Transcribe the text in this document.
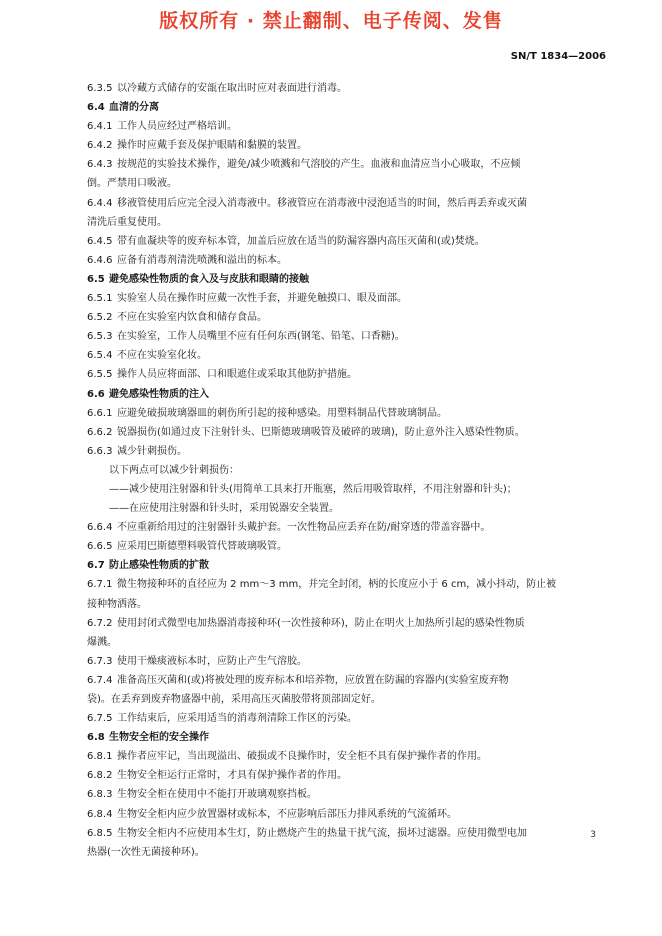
版权所有 · 禁止翻制、电子传阅、发售
SN/T 1834—2006
6.3.5 以冷藏方式储存的安瓿在取出时应对表面进行消毒。
6.4 血清的分离
6.4.1 工作人员应经过严格培训。
6.4.2 操作时应戴手套及保护眼睛和黏膜的装置。
6.4.3 按规范的实验技术操作，避免/减少喷溅和气溶胶的产生。血液和血清应当小心吸取，不应倾
倒。严禁用口吸液。
6.4.4 移液管使用后应完全浸入消毒液中。移液管应在消毒液中浸泡适当的时间，然后再丢弃或灭菌
清洗后重复使用。
6.4.5 带有血凝块等的废弃标本管，加盖后应放在适当的防漏容器内高压灭菌和(或)焚烧。
6.4.6 应备有消毒剂清洗喷溅和溢出的标本。
6.5 避免感染性物质的食入及与皮肤和眼睛的接触
6.5.1 实验室人员在操作时应戴一次性手套，并避免触摸口、眼及面部。
6.5.2 不应在实验室内饮食和储存食品。
6.5.3 在实验室，工作人员嘴里不应有任何东西(钢笔、铅笔、口香糖)。
6.5.4 不应在实验室化妆。
6.5.5 操作人员应将面部、口和眼遮住或采取其他防护措施。
6.6 避免感染性物质的注入
6.6.1 应避免破损玻璃器皿的刺伤所引起的接种感染。用塑料制品代替玻璃制品。
6.6.2 锐器损伤(如通过皮下注射针头、巴斯德玻璃吸管及破碎的玻璃)，防止意外注入感染性物质。
6.6.3 减少针刺损伤。
以下两点可以减少针刺损伤：
——减少使用注射器和针头(用简单工具来打开瓶塞，然后用吸管取样，不用注射器和针头)；
——在应使用注射器和针头时，采用锐器安全装置。
6.6.4 不应重新给用过的注射器针头戴护套。一次性物品应丢弃在防/耐穿透的带盖容器中。
6.6.5 应采用巴斯德塑料吸管代替玻璃吸管。
6.7 防止感染性物质的扩散
6.7.1 微生物接种环的直径应为 2 mm～3 mm，并完全封闭，柄的长度应小于 6 cm，减小抖动，防止被
接种物洒落。
6.7.2 使用封闭式微型电加热器消毒接种环(一次性接种环)，防止在明火上加热所引起的感染性物质
爆溅。
6.7.3 使用干燥痰液标本时，应防止产生气溶胶。
6.7.4 准备高压灭菌和(或)将被处理的废弃标本和培养物，应放置在防漏的容器内(实验室废弃物
袋)。在丢弃到废弃物盛器中前，采用高压灭菌胶带将顶部固定好。
6.7.5 工作结束后，应采用适当的消毒剂清除工作区的污染。
6.8 生物安全柜的安全操作
6.8.1 操作者应牢记，当出现溢出、破损或不良操作时，安全柜不具有保护操作者的作用。
6.8.2 生物安全柜运行正常时，才具有保护操作者的作用。
6.8.3 生物安全柜在使用中不能打开玻璃观察挡板。
6.8.4 生物安全柜内应少放置器材或标本，不应影响后部压力排风系统的气流循环。
6.8.5 生物安全柜内不应使用本生灯，防止燃烧产生的热量干扰气流，损坏过滤器。应使用微型电加
热器(一次性无菌接种环)。
3
